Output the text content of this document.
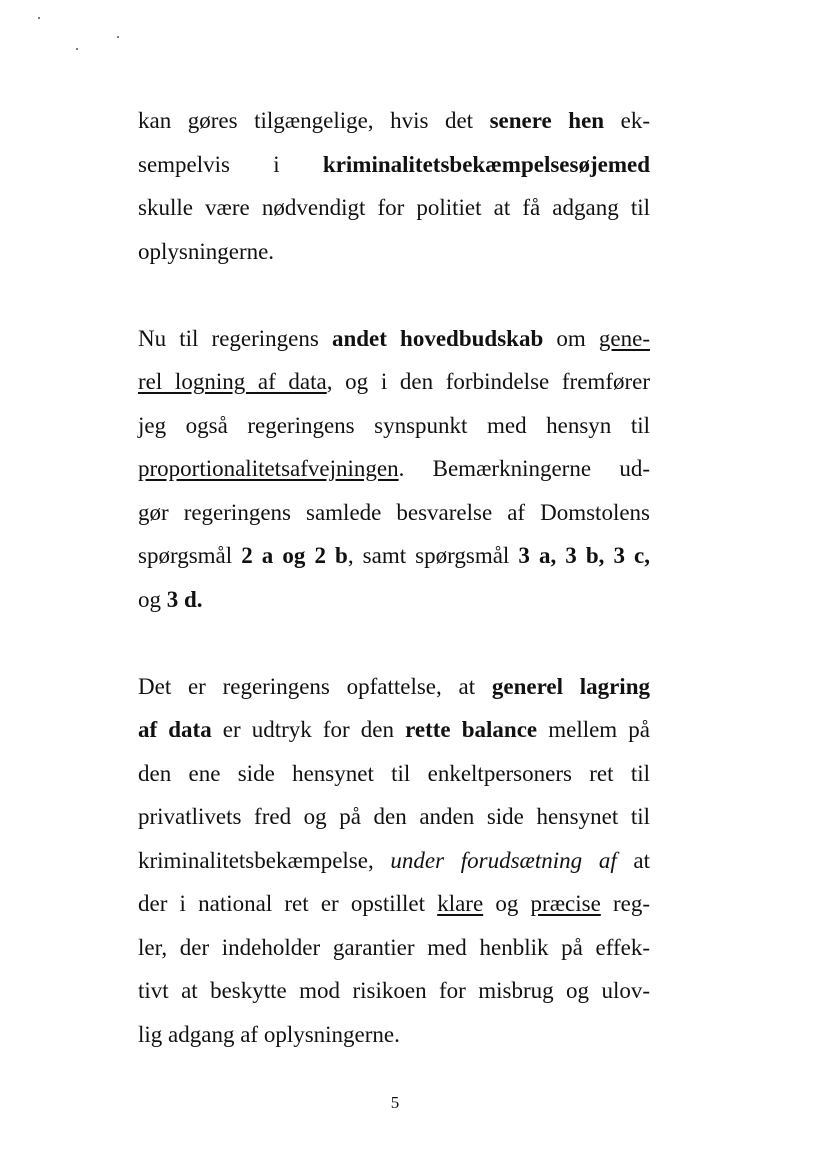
kan gøres tilgængelige, hvis det senere hen ek-
sempelvis i kriminalitetsbekæmpelsesøjemed
skulle være nødvendigt for politiet at få adgang til
oplysningerne.
Nu til regeringens andet hovedbudskab om gene-
rel logning af data, og i den forbindelse fremfører
jeg også regeringens synspunkt med hensyn til
proportionalitetsafvejningen. Bemærkningerne ud-
gør regeringens samlede besvarelse af Domstolens
spørgsmål 2 a og 2 b, samt spørgsmål 3 a, 3 b, 3 c,
og 3 d.
Det er regeringens opfattelse, at generel lagring
af data er udtryk for den rette balance mellem på
den ene side hensynet til enkeltpersoners ret til
privatlivets fred og på den anden side hensynet til
kriminalitetsbekæmpelse, under forudsætning af at
der i national ret er opstillet klare og præcise reg-
ler, der indeholder garantier med henblik på effek-
tivt at beskytte mod risikoen for misbrug og ulov-
lig adgang af oplysningerne.
5
